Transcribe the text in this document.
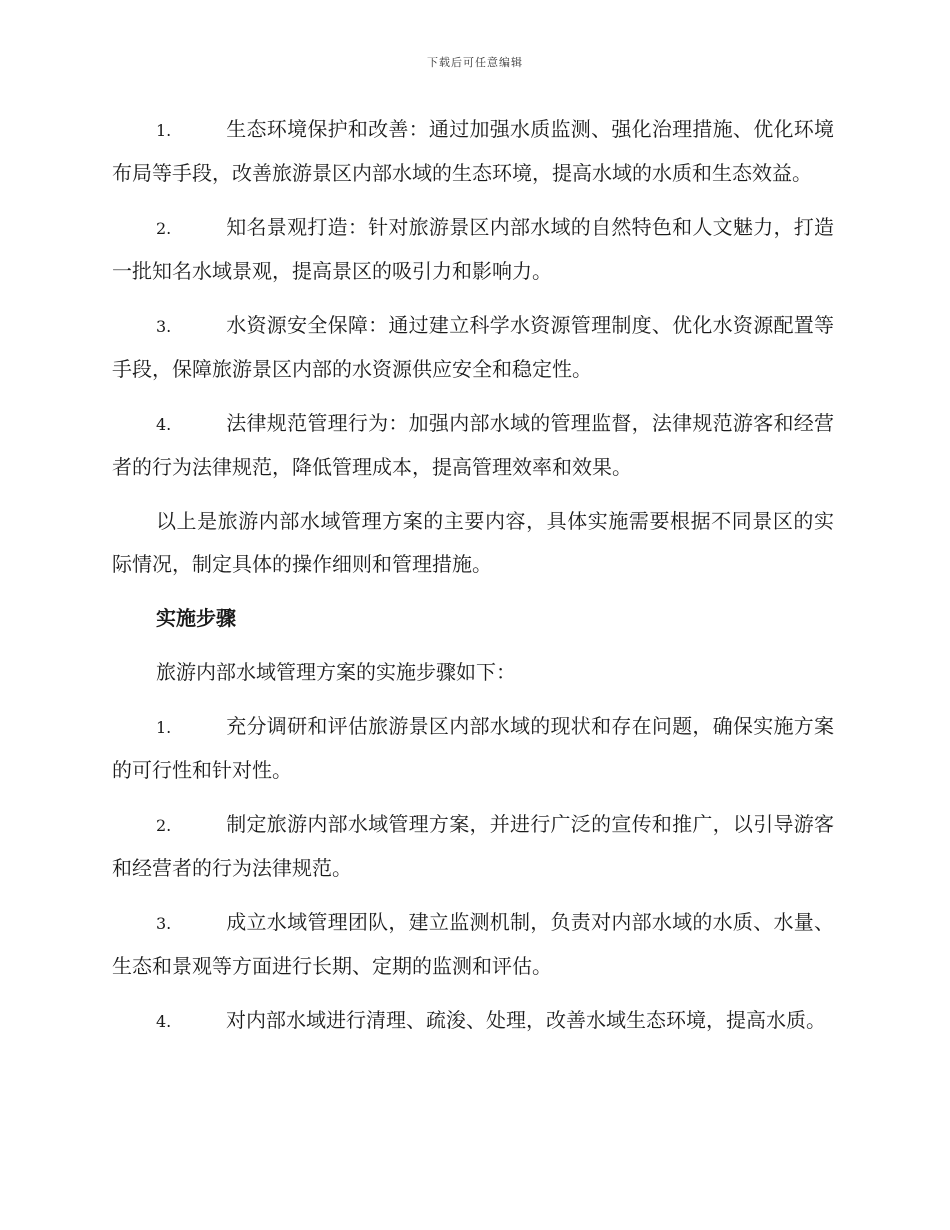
下载后可任意编辑

1.	生态环境保护和改善：通过加强水质监测、强化治理措施、优化环境布局等手段，改善旅游景区内部水域的生态环境，提高水域的水质和生态效益。

2.	知名景观打造：针对旅游景区内部水域的自然特色和人文魅力，打造一批知名水域景观，提高景区的吸引力和影响力。

3.	水资源安全保障：通过建立科学水资源管理制度、优化水资源配置等手段，保障旅游景区内部的水资源供应安全和稳定性。

4.	法律规范管理行为：加强内部水域的管理监督，法律规范游客和经营者的行为法律规范，降低管理成本，提高管理效率和效果。

以上是旅游内部水域管理方案的主要内容，具体实施需要根据不同景区的实际情况，制定具体的操作细则和管理措施。

实施步骤

旅游内部水域管理方案的实施步骤如下：

1.	充分调研和评估旅游景区内部水域的现状和存在问题，确保实施方案的可行性和针对性。

2.	制定旅游内部水域管理方案，并进行广泛的宣传和推广，以引导游客和经营者的行为法律规范。

3.	成立水域管理团队，建立监测机制，负责对内部水域的水质、水量、生态和景观等方面进行长期、定期的监测和评估。

4.	对内部水域进行清理、疏浚、处理，改善水域生态环境，提高水质。
